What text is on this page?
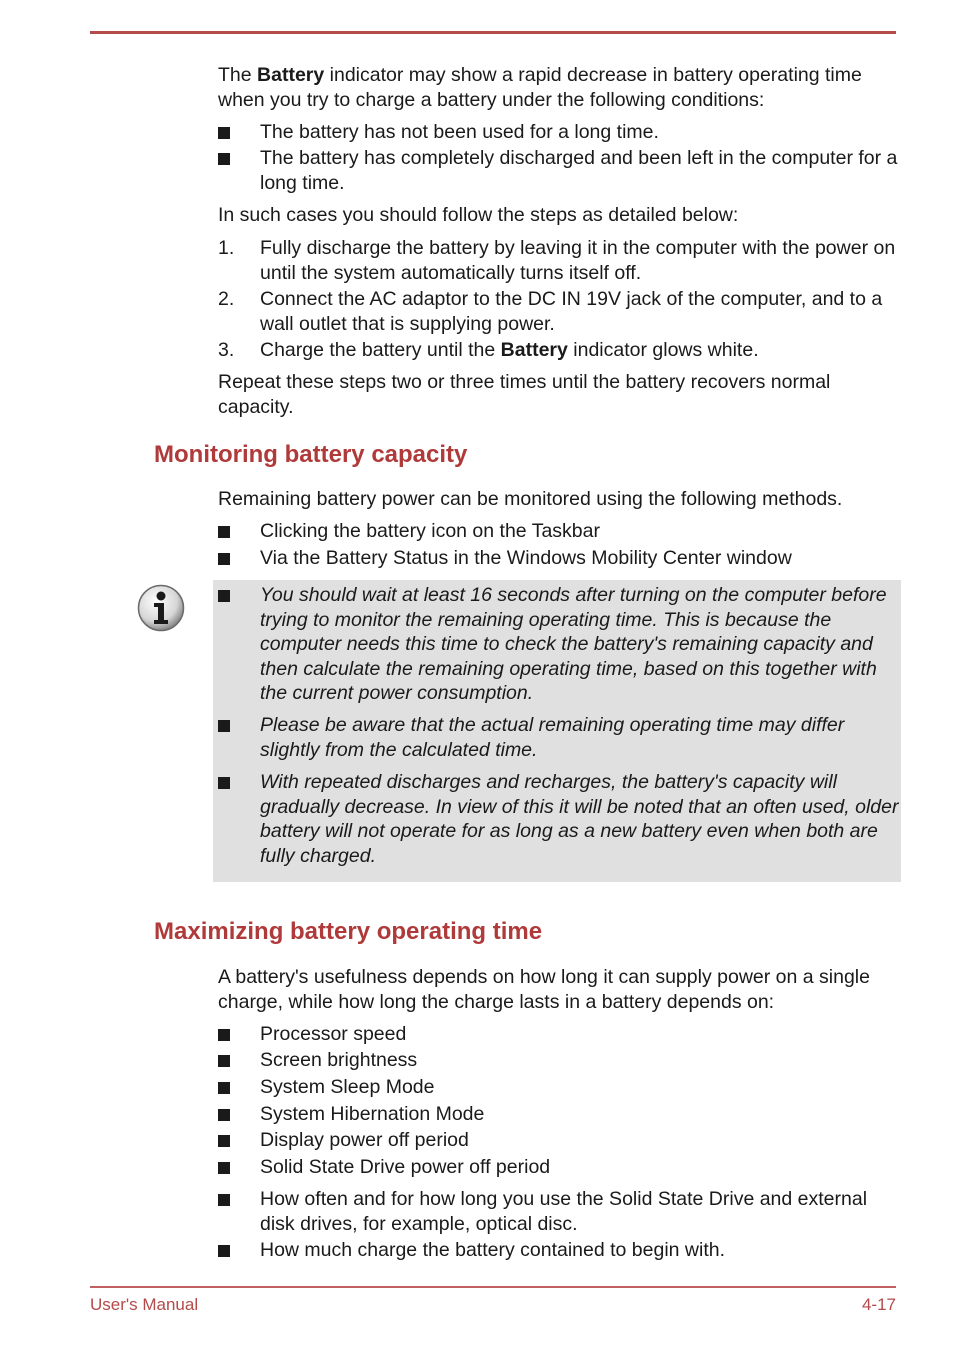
The Battery indicator may show a rapid decrease in battery operating time when you try to charge a battery under the following conditions:

The battery has not been used for a long time.
The battery has completely discharged and been left in the computer for a long time.

In such cases you should follow the steps as detailed below:

1. Fully discharge the battery by leaving it in the computer with the power on until the system automatically turns itself off.
2. Connect the AC adaptor to the DC IN 19V jack of the computer, and to a wall outlet that is supplying power.
3. Charge the battery until the Battery indicator glows white.

Repeat these steps two or three times until the battery recovers normal capacity.

Monitoring battery capacity

Remaining battery power can be monitored using the following methods.

Clicking the battery icon on the Taskbar
Via the Battery Status in the Windows Mobility Center window
You should wait at least 16 seconds after turning on the computer before trying to monitor the remaining operating time. This is because the computer needs this time to check the battery's remaining capacity and then calculate the remaining operating time, based on this together with the current power consumption.
Please be aware that the actual remaining operating time may differ slightly from the calculated time.
With repeated discharges and recharges, the battery's capacity will gradually decrease. In view of this it will be noted that an often used, older battery will not operate for as long as a new battery even when both are fully charged.
Maximizing battery operating time

A battery's usefulness depends on how long it can supply power on a single charge, while how long the charge lasts in a battery depends on:

Processor speed
Screen brightness
System Sleep Mode
System Hibernation Mode
Display power off period
Solid State Drive power off period
How often and for how long you use the Solid State Drive and external disk drives, for example, optical disc.
How much charge the battery contained to begin with.
User's Manual	4-17
